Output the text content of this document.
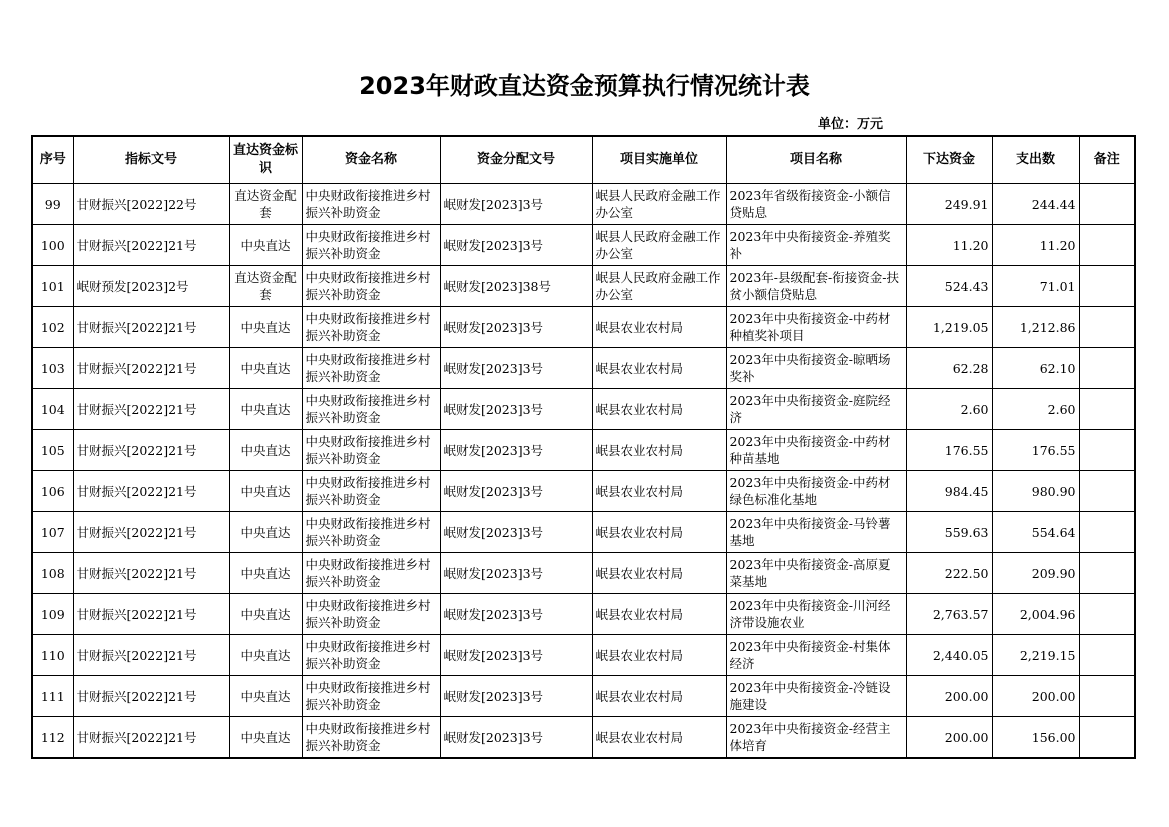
2023年财政直达资金预算执行情况统计表
单位：万元
序号	指标文号	直达资金标识	资金名称	资金分配文号	项目实施单位	项目名称	下达资金	支出数	备注
99	甘财振兴[2022]22号	直达资金配套	中央财政衔接推进乡村振兴补助资金	岷财发[2023]3号	岷县人民政府金融工作办公室	2023年省级衔接资金-小额信贷贴息	249.91	244.44	
100	甘财振兴[2022]21号	中央直达	中央财政衔接推进乡村振兴补助资金	岷财发[2023]3号	岷县人民政府金融工作办公室	2023年中央衔接资金-养殖奖补	11.20	11.20	
101	岷财预发[2023]2号	直达资金配套	中央财政衔接推进乡村振兴补助资金	岷财发[2023]38号	岷县人民政府金融工作办公室	2023年-县级配套-衔接资金-扶贫小额信贷贴息	524.43	71.01	
102	甘财振兴[2022]21号	中央直达	中央财政衔接推进乡村振兴补助资金	岷财发[2023]3号	岷县农业农村局	2023年中央衔接资金-中药材种植奖补项目	1,219.05	1,212.86	
103	甘财振兴[2022]21号	中央直达	中央财政衔接推进乡村振兴补助资金	岷财发[2023]3号	岷县农业农村局	2023年中央衔接资金-晾晒场奖补	62.28	62.10	
104	甘财振兴[2022]21号	中央直达	中央财政衔接推进乡村振兴补助资金	岷财发[2023]3号	岷县农业农村局	2023年中央衔接资金-庭院经济	2.60	2.60	
105	甘财振兴[2022]21号	中央直达	中央财政衔接推进乡村振兴补助资金	岷财发[2023]3号	岷县农业农村局	2023年中央衔接资金-中药材种苗基地	176.55	176.55	
106	甘财振兴[2022]21号	中央直达	中央财政衔接推进乡村振兴补助资金	岷财发[2023]3号	岷县农业农村局	2023年中央衔接资金-中药材绿色标准化基地	984.45	980.90	
107	甘财振兴[2022]21号	中央直达	中央财政衔接推进乡村振兴补助资金	岷财发[2023]3号	岷县农业农村局	2023年中央衔接资金-马铃薯基地	559.63	554.64	
108	甘财振兴[2022]21号	中央直达	中央财政衔接推进乡村振兴补助资金	岷财发[2023]3号	岷县农业农村局	2023年中央衔接资金-高原夏菜基地	222.50	209.90	
109	甘财振兴[2022]21号	中央直达	中央财政衔接推进乡村振兴补助资金	岷财发[2023]3号	岷县农业农村局	2023年中央衔接资金-川河经济带设施农业	2,763.57	2,004.96	
110	甘财振兴[2022]21号	中央直达	中央财政衔接推进乡村振兴补助资金	岷财发[2023]3号	岷县农业农村局	2023年中央衔接资金-村集体经济	2,440.05	2,219.15	
111	甘财振兴[2022]21号	中央直达	中央财政衔接推进乡村振兴补助资金	岷财发[2023]3号	岷县农业农村局	2023年中央衔接资金-冷链设施建设	200.00	200.00	
112	甘财振兴[2022]21号	中央直达	中央财政衔接推进乡村振兴补助资金	岷财发[2023]3号	岷县农业农村局	2023年中央衔接资金-经营主体培育	200.00	156.00	
